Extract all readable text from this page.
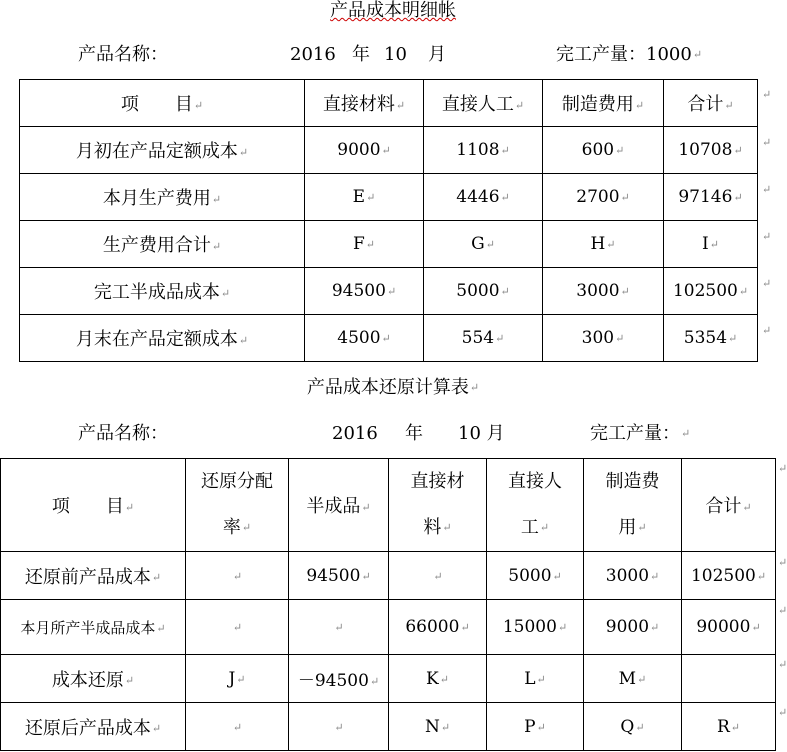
产品成本明细帐
产品名称：	2016 年 10 月	完工产量：1000↵
项　　目↵	直接材料↵	直接人工↵	制造费用↵	合计↵
月初在产品定额成本↵	9000↵	1108↵	600↵	10708↵
本月生产费用↵	E↵	4446↵	2700↵	97146↵
生产费用合计↵	F↵	G↵	H↵	I↵
完工半成品成本↵	94500↵	5000↵	3000↵	102500↵
月末在产品定额成本↵	4500↵	554↵	300↵	5354↵
↵
↵
↵
↵
↵
↵
产品成本还原计算表↵
产品名称：	2016 年 10 月	完工产量：↵
项　　目↵	还原分配
率↵	半成品↵	直接材
料↵	直接人
工↵	制造费
用↵	合计↵
还原前产品成本↵	↵	94500↵	↵	5000↵	3000↵	102500↵
本月所产半成品成本↵	↵	↵	66000↵	15000↵	9000↵	90000↵
成本还原↵	J↵	－94500↵	K↵	L↵	M↵	
还原后产品成本↵	↵	↵	N↵	P↵	Q↵	R↵
↵
↵
↵
↵
↵
